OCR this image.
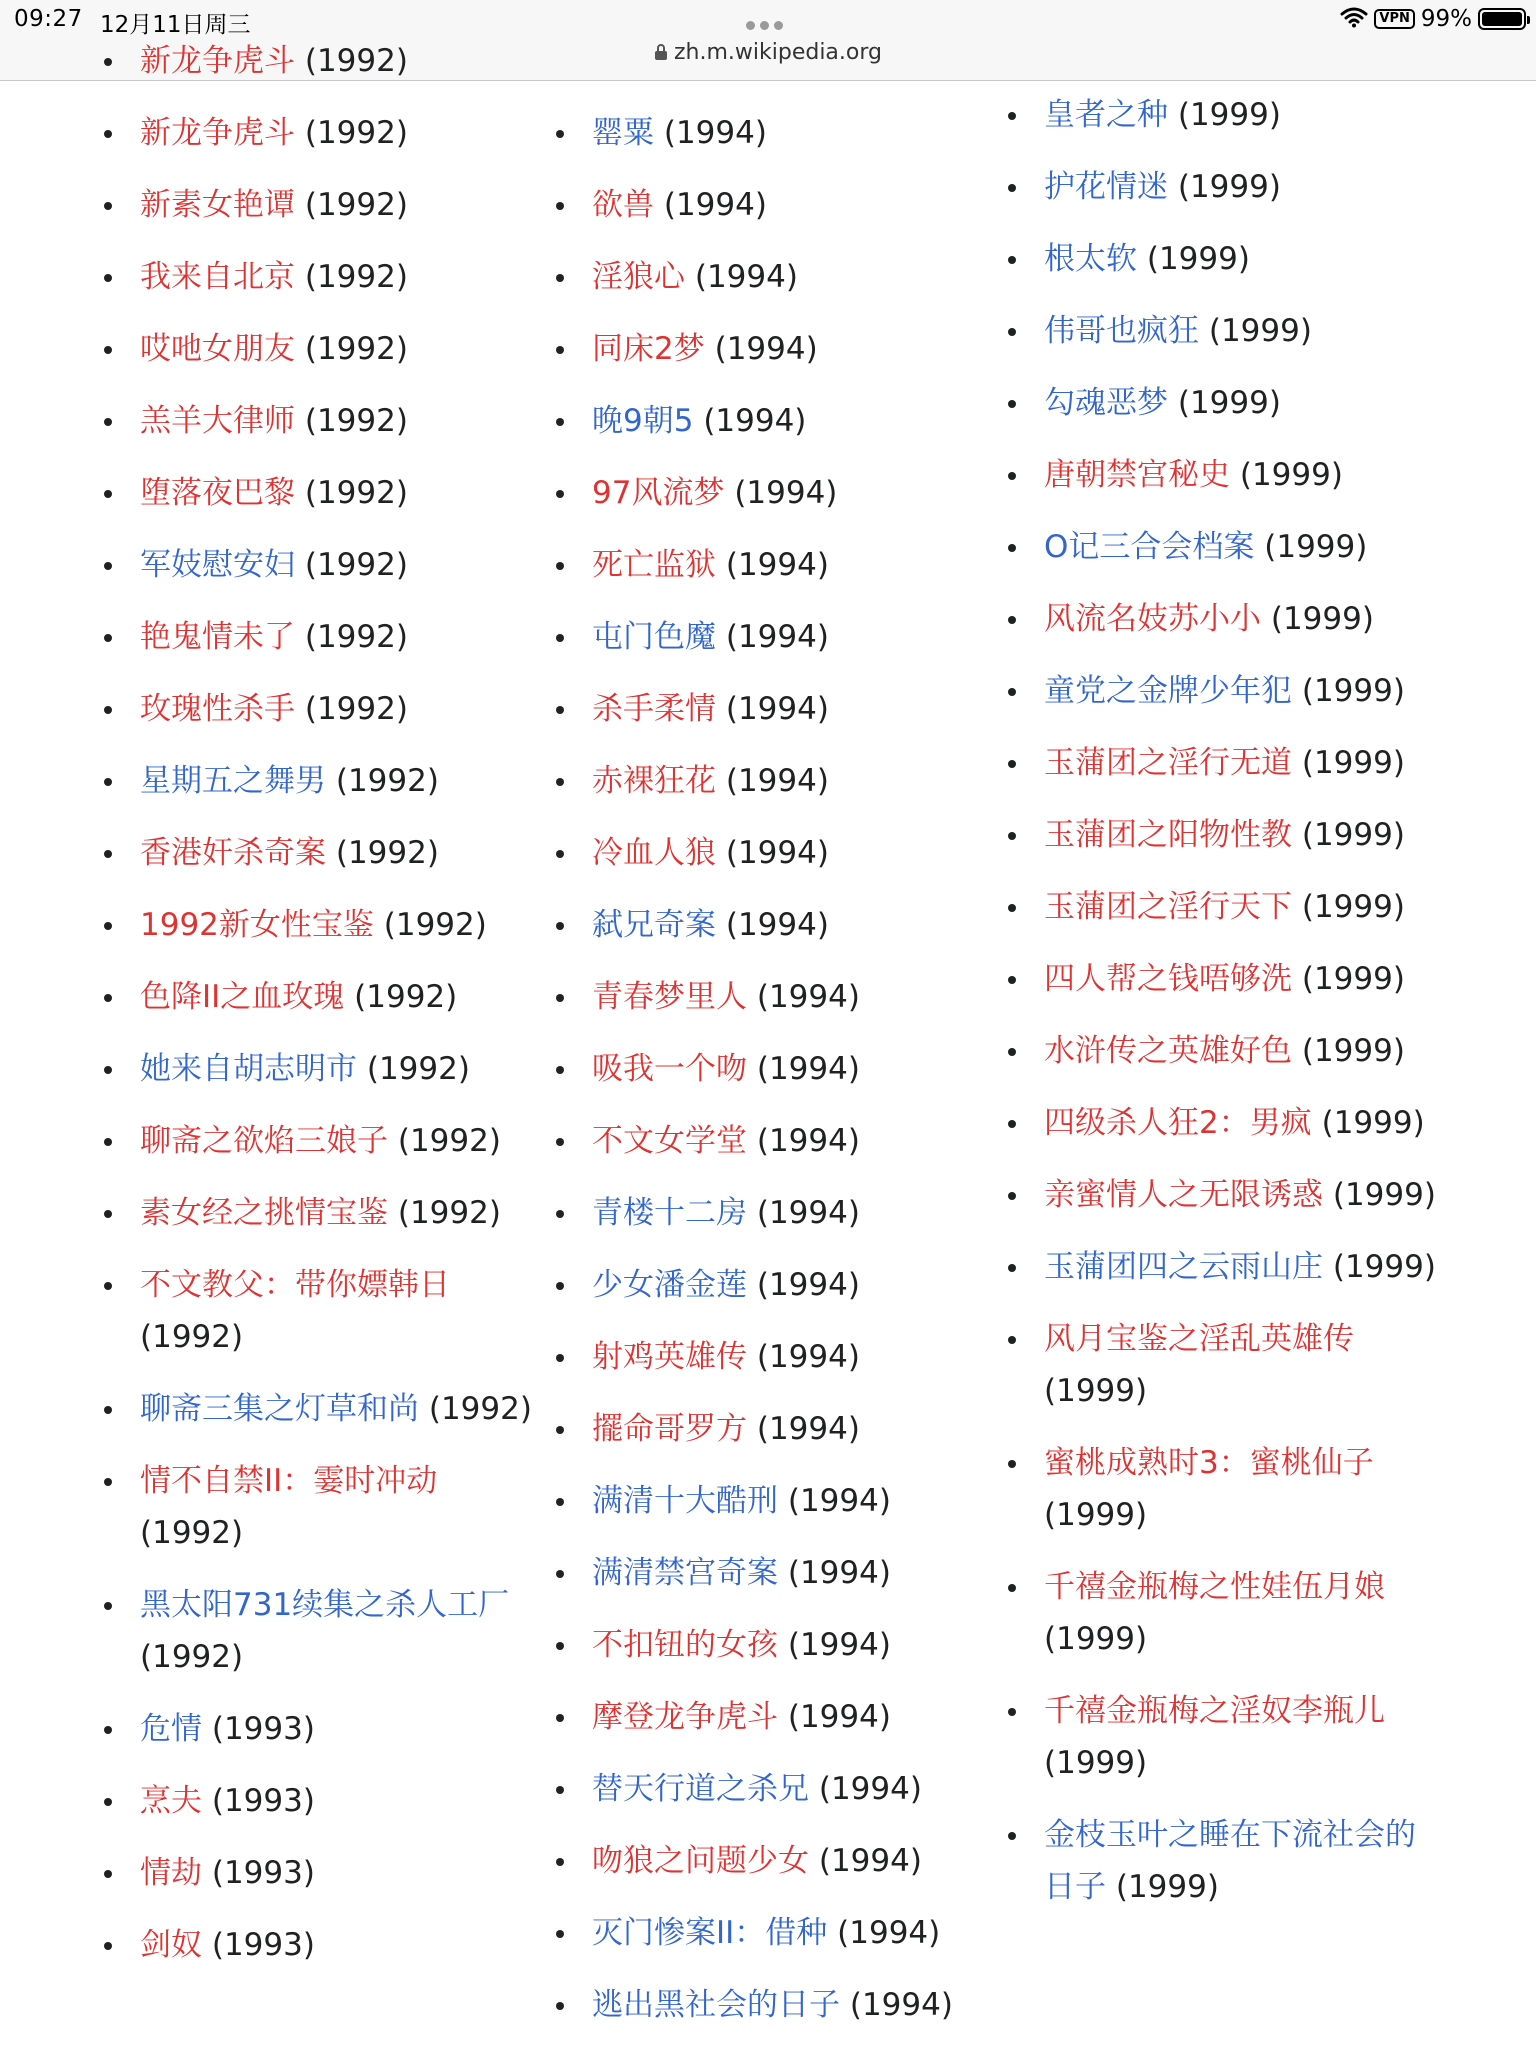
09:27 12月11日周三
zh.m.wikipedia.org
VPN 99%
新龙争虎斗 (1992)
新龙争虎斗 (1992)
新素女艳谭 (1992)
我来自北京 (1992)
哎吔女朋友 (1992)
羔羊大律师 (1992)
堕落夜巴黎 (1992)
军妓慰安妇 (1992)
艳鬼情未了 (1992)
玫瑰性杀手 (1992)
星期五之舞男 (1992)
香港奸杀奇案 (1992)
1992新女性宝鉴 (1992)
色降II之血玫瑰 (1992)
她来自胡志明市 (1992)
聊斋之欲焰三娘子 (1992)
素女经之挑情宝鉴 (1992)
不文教父：带你嫖韩日 (1992)
聊斋三集之灯草和尚 (1992)
情不自禁II：霎时冲动 (1992)
黑太阳731续集之杀人工厂 (1992)
危情 (1993)
烹夫 (1993)
情劫 (1993)
剑奴 (1993)
罂粟 (1994)
欲兽 (1994)
淫狼心 (1994)
同床2梦 (1994)
晚9朝5 (1994)
97风流梦 (1994)
死亡监狱 (1994)
屯门色魔 (1994)
杀手柔情 (1994)
赤裸狂花 (1994)
冷血人狼 (1994)
弑兄奇案 (1994)
青春梦里人 (1994)
吸我一个吻 (1994)
不文女学堂 (1994)
青楼十二房 (1994)
少女潘金莲 (1994)
射鸡英雄传 (1994)
擺命哥罗方 (1994)
满清十大酷刑 (1994)
满清禁宫奇案 (1994)
不扣钮的女孩 (1994)
摩登龙争虎斗 (1994)
替天行道之杀兄 (1994)
吻狼之问题少女 (1994)
灭门惨案II：借种 (1994)
逃出黑社会的日子 (1994)
皇者之种 (1999)
护花情迷 (1999)
根太软 (1999)
伟哥也疯狂 (1999)
勾魂恶梦 (1999)
唐朝禁宫秘史 (1999)
O记三合会档案 (1999)
风流名妓苏小小 (1999)
童党之金牌少年犯 (1999)
玉蒲团之淫行无道 (1999)
玉蒲团之阳物性教 (1999)
玉蒲团之淫行天下 (1999)
四人帮之钱唔够洗 (1999)
水浒传之英雄好色 (1999)
四级杀人狂2：男疯 (1999)
亲蜜情人之无限诱惑 (1999)
玉蒲团四之云雨山庄 (1999)
风月宝鉴之淫乱英雄传 (1999)
蜜桃成熟时3：蜜桃仙子 (1999)
千禧金瓶梅之性娃伍月娘 (1999)
千禧金瓶梅之淫奴李瓶儿 (1999)
金枝玉叶之睡在下流社会的日子 (1999)
